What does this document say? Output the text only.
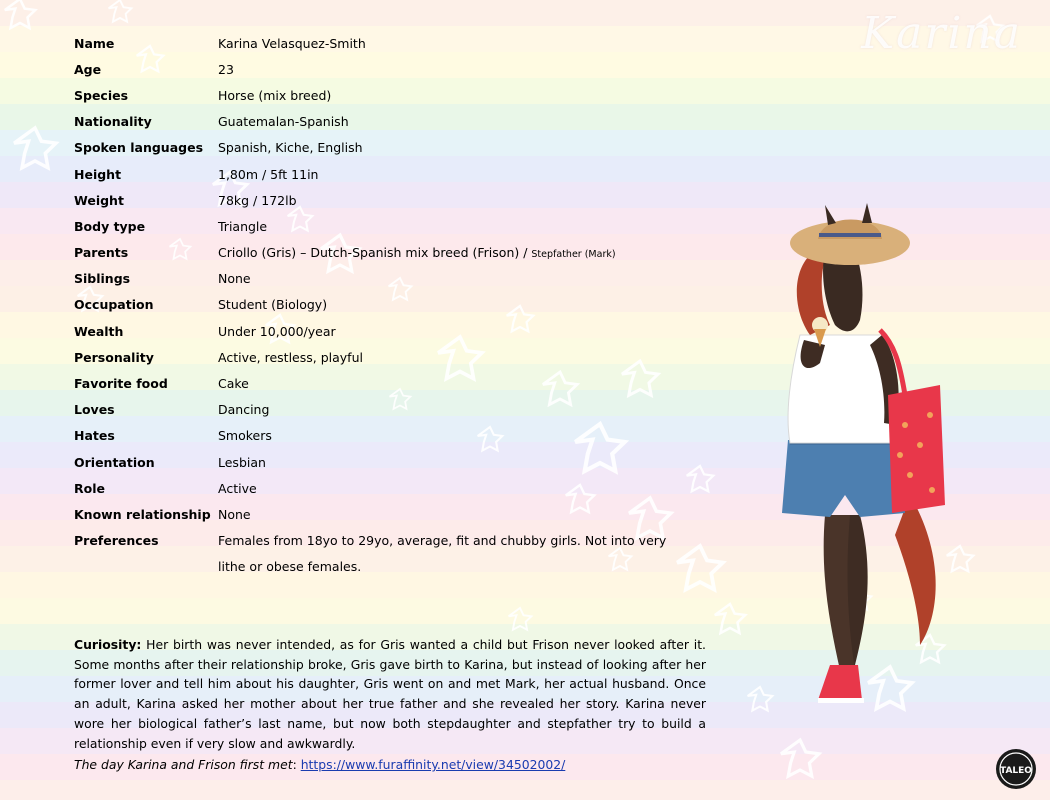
Karina
Name	Karina Velasquez-Smith
Age	23
Species	Horse (mix breed)
Nationality	Guatemalan-Spanish
Spoken languages	Spanish, Kiche, English
Height	1,80m / 5ft 11in
Weight	78kg / 172lb
Body type	Triangle
Parents	Criollo (Gris) – Dutch-Spanish mix breed (Frison) / Stepfather (Mark)
Siblings	None
Occupation	Student (Biology)
Wealth	Under 10,000/year
Personality	Active, restless, playful
Favorite food	Cake
Loves	Dancing
Hates	Smokers
Orientation	Lesbian
Role	Active
Known relationship	None
Preferences	Females from 18yo to 29yo, average, fit and chubby girls. Not into very
	lithe or obese females.
Curiosity: Her birth was never intended, as for Gris wanted a child but Frison never looked after it. Some months after their relationship broke, Gris gave birth to Karina, but instead of looking after her former lover and tell him about his daughter, Gris went on and met Mark, her actual husband. Once an adult, Karina asked her mother about her true father and she revealed her story. Karina never wore her biological father’s last name, but now both stepdaughter and stepfather try to build a relationship even if very slow and awkwardly.
The day Karina and Frison first met: https://www.furaffinity.net/view/34502002/	TALEO
